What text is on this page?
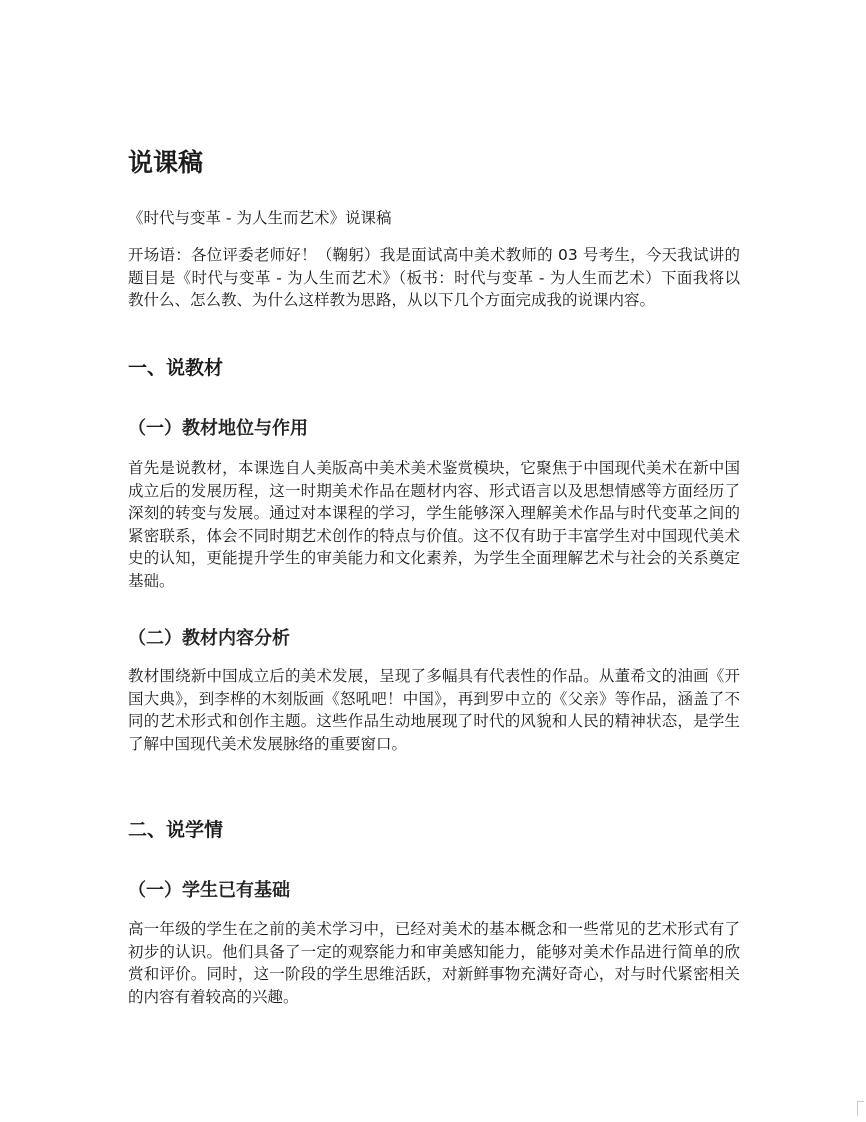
说课稿

《时代与变革 - 为人生而艺术》说课稿

开场语：各位评委老师好！（鞠躬）我是面试高中美术教师的 03 号考生，今天我试讲的题目是《时代与变革 - 为人生而艺术》（板书：时代与变革 - 为人生而艺术）下面我将以教什么、怎么教、为什么这样教为思路，从以下几个方面完成我的说课内容。

一、说教材
（一）教材地位与作用

首先是说教材，本课选自人美版高中美术美术鉴赏模块，它聚焦于中国现代美术在新中国成立后的发展历程，这一时期美术作品在题材内容、形式语言以及思想情感等方面经历了深刻的转变与发展。通过对本课程的学习，学生能够深入理解美术作品与时代变革之间的紧密联系，体会不同时期艺术创作的特点与价值。这不仅有助于丰富学生对中国现代美术史的认知，更能提升学生的审美能力和文化素养，为学生全面理解艺术与社会的关系奠定基础。

（二）教材内容分析

教材围绕新中国成立后的美术发展，呈现了多幅具有代表性的作品。从董希文的油画《开国大典》，到李桦的木刻版画《怒吼吧！中国》，再到罗中立的《父亲》等作品，涵盖了不同的艺术形式和创作主题。这些作品生动地展现了时代的风貌和人民的精神状态，是学生了解中国现代美术发展脉络的重要窗口。

二、说学情
（一）学生已有基础

高一年级的学生在之前的美术学习中，已经对美术的基本概念和一些常见的艺术形式有了初步的认识。他们具备了一定的观察能力和审美感知能力，能够对美术作品进行简单的欣赏和评价。同时，这一阶段的学生思维活跃，对新鲜事物充满好奇心，对与时代紧密相关的内容有着较高的兴趣。
